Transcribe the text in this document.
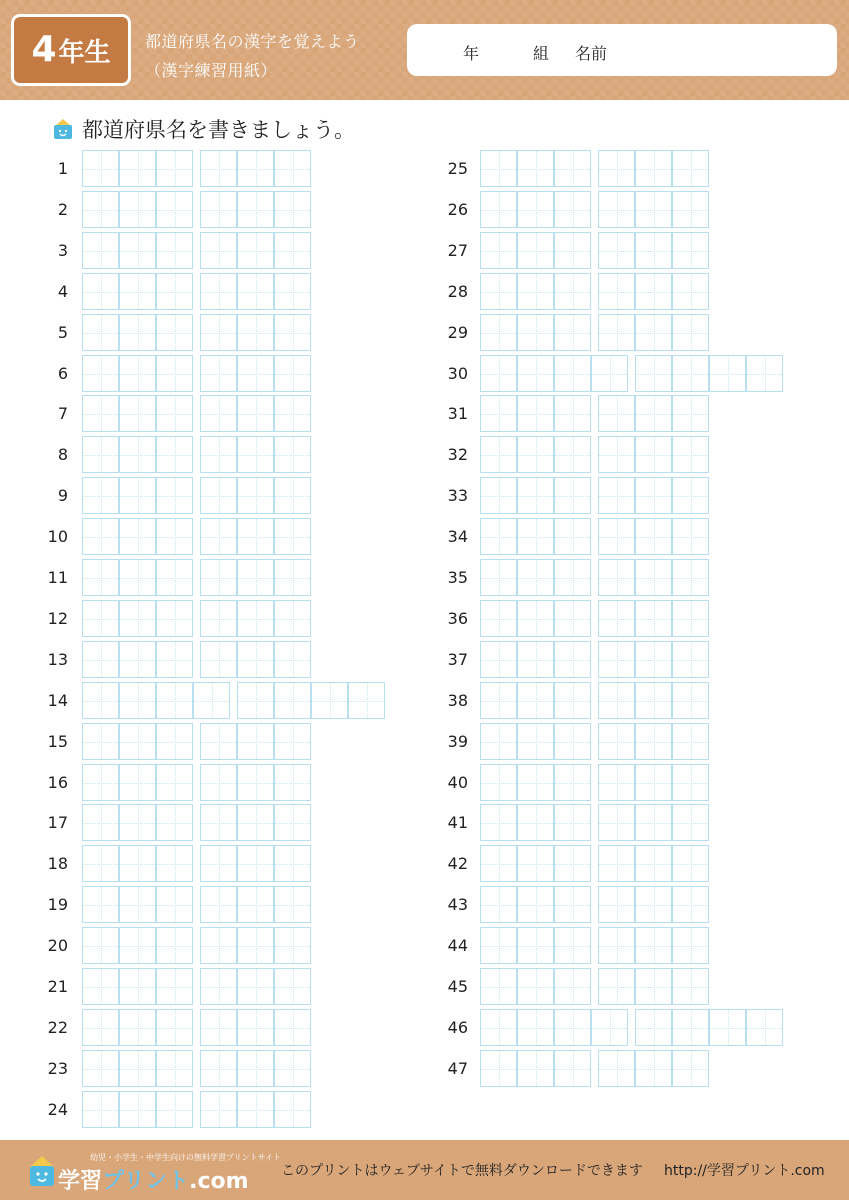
4 年生 都道府県名の漢字を覚えよう
（漢字練習用紙）
年	組 名前
都道府県名を書きましょう。
1
2
3
4
5
6
7
8
9
10
11
12
13
14
15
16
17
18
19
20
21
22
23
24
25
26
27
28
29
30
31
32
33
34
35
36
37
38
39
40
41
42
43
44
45
46
47
幼児・小学生・中学生向けの無料学習プリントサイト
学習プリント.com このプリントはウェブサイトで無料ダウンロードできます http://学習プリント.com
